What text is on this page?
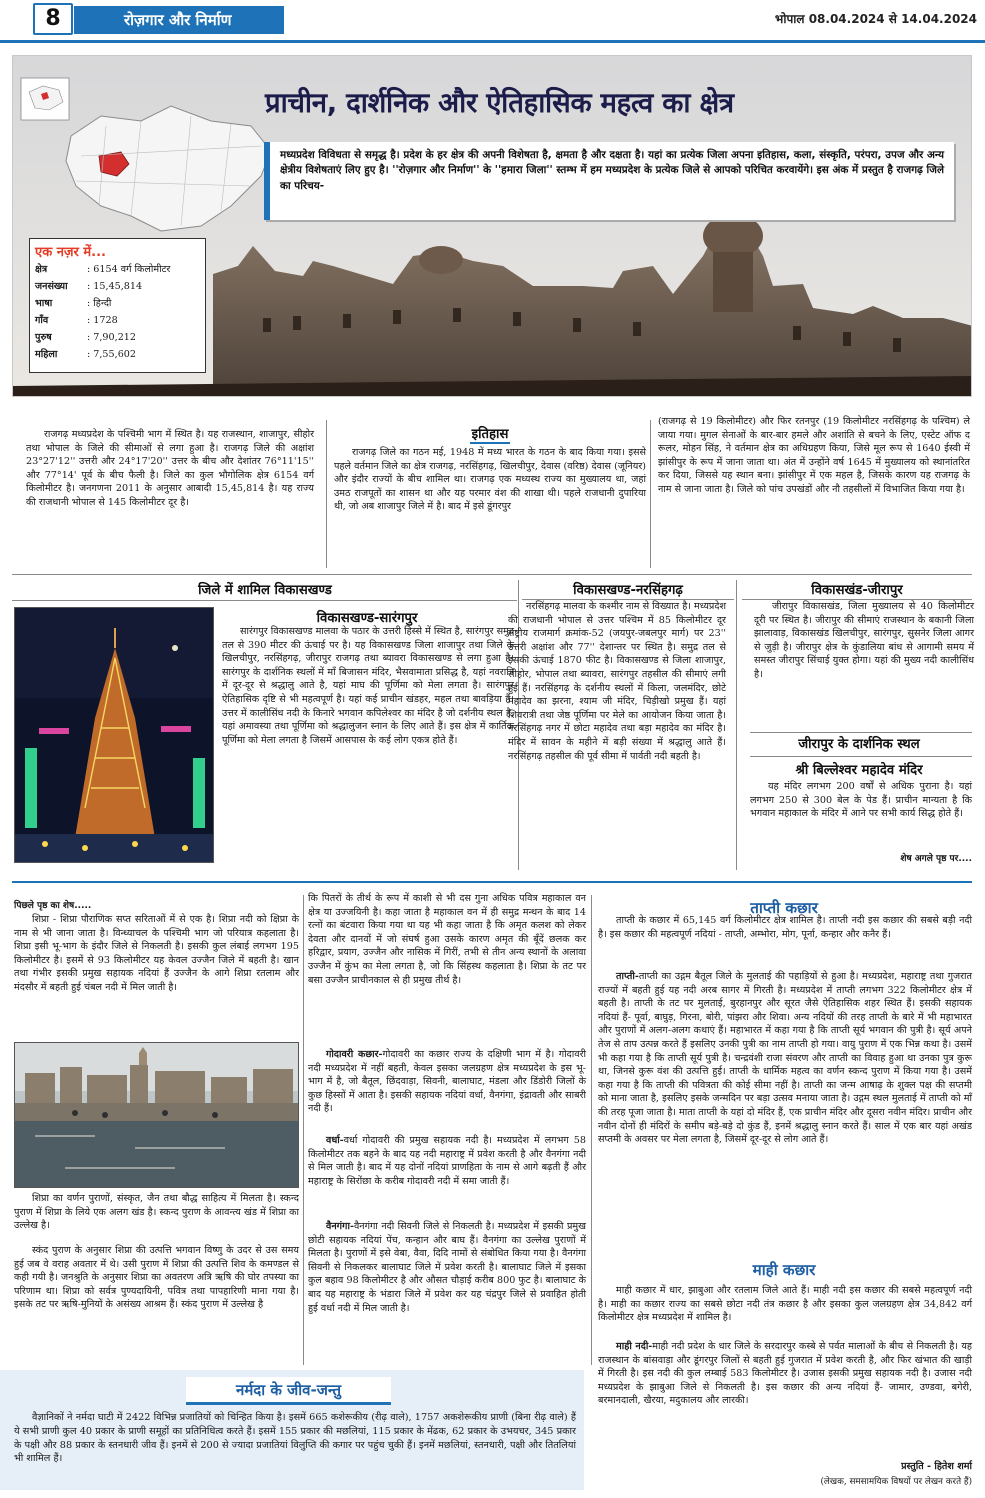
8	रोज़गार और निर्माण	भोपाल 08.04.2024 से 14.04.2024
प्राचीन, दार्शनिक और ऐतिहासिक महत्व का क्षेत्र
मध्यप्रदेश विविधता से समृद्ध है। प्रदेश के हर क्षेत्र की अपनी विशेषता है, क्षमता है और दक्षता है। यहां का प्रत्येक जिला अपना इतिहास, कला, संस्कृति, परंपरा, उपज और अन्य क्षेत्रीय विशेषताएं लिए हुए है। ''रोज़गार और निर्माण'' के ''हमारा जिला'' स्तम्भ में हम मध्यप्रदेश के प्रत्येक जिले से आपको परिचित करवायेंगे। इस अंक में प्रस्तुत है राजगढ़ जिले का परिचय-
एक नज़र में...
क्षेत्र	: 6154 वर्ग किलोमीटर
जनसंख्या	: 15,45,814
भाषा	: हिन्दी
गाँव	: 1728
पुरुष	: 7,90,212
महिला	: 7,55,602

राजगढ़ मध्यप्रदेश के पश्चिमी भाग में स्थित है। यह राजस्थान, शाजापुर, सीहोर तथा भोपाल के जिले की सीमाओं से लगा हुआ है। राजगढ़ जिले की अक्षांश 23°27'12'' उत्तरी और 24°17'20'' उत्तर के बीच और देशांतर 76°11'15'' और 77°14' पूर्व के बीच फैली है। जिले का कुल भौगोलिक क्षेत्र 6154 वर्ग किलोमीटर है। जनगणना 2011 के अनुसार आबादी 15,45,814 है। यह राज्य की राजधानी भोपाल से 145 किलोमीटर दूर है।

इतिहास

राजगढ़ जिले का गठन मई, 1948 में मध्य भारत के गठन के बाद किया गया। इससे पहले वर्तमान जिले का क्षेत्र राजगढ़, नरसिंहगढ़, खिलचीपुर, देवास (वरिष्ठ) देवास (जूनियर) और इंदौर राज्यों के बीच शामिल था। राजगढ़ एक मध्यस्थ राज्य का मुख्यालय था, जहां उमठ राजपूतों का शासन था और यह परमार वंश की शाखा थी। पहले राजधानी दुपारिया थी, जो अब शाजापुर जिले में है। बाद में इसे डूंगरपुर

(राजगढ़ से 19 किलोमीटर) और फिर रतनपुर (19 किलोमीटर नरसिंहगढ़ के पश्चिम) ले जाया गया। मुगल सेनाओं के बार-बार हमले और अशांति से बचने के लिए, एस्टेट ऑफ द रूलर, मोहन सिंह, ने वर्तमान क्षेत्र का अधिग्रहण किया, जिसे मूल रूप से 1640 ईस्वी में झांसीपुर के रूप में जाना जाता था। अंत में उन्होंने वर्ष 1645 में मुख्यालय को स्थानांतरित कर दिया, जिससे यह स्थान बना। झांसीपुर में एक महल है, जिसके कारण यह राजगढ़ के नाम से जाना जाता है। जिले को पांच उपखंडों और नौ तहसीलों में विभाजित किया गया है।

जिले में शामिल विकासखण्ड
विकासखण्ड-सारंगपुर

सारंगपुर विकासखण्ड मालवा के पठार के उत्तरी हिस्से में स्थित है, सारंगपुर समुद्र तल से 390 मीटर की ऊंचाई पर है। यह विकासखण्ड जिला शाजापुर तथा जिले के खिलचीपुर, नरसिंहगढ़, जीरापुर राजगढ़ तथा ब्यावरा विकासखण्ड से लगा हुआ है। सारंगपुर के दार्शनिक स्थलों में माँ बिजासन मंदिर, भैसवामाता प्रसिद्ध है, यहां नवरात्रि में दूर-दूर से श्रद्धालु आते है, यहां माघ की पूर्णिमा को मेला लगता है। सारंगपुर ऐतिहासिक दृष्टि से भी महत्वपूर्ण है। यहां कई प्राचीन खंडहर, महल तथा बावड़िया हैं। उत्तर में कालीसिंध नदी के किनारे भगवान कपिलेश्वर का मंदिर है जो दर्शनीय स्थल है, यहां अमावस्या तथा पूर्णिमा को श्रद्धालुजन स्नान के लिए आते हैं। इस क्षेत्र में कार्तिक पूर्णिमा को मेला लगता है जिसमें आसपास के कई लोग एकत्र होते हैं।

विकासखण्ड-नरसिंहगढ़

नरसिंहगढ़ मालवा के कश्मीर नाम से विख्यात है। मध्यप्रदेश की राजधानी भोपाल से उत्तर पश्चिम में 85 किलोमीटर दूर राष्ट्रीय राजमार्ग क्रमांक-52 (जयपुर-जबलपुर मार्ग) पर 23'' उत्तरी अक्षांश और 77'' देशान्तर पर स्थित है। समुद्र तल से इसकी ऊंचाई 1870 फीट है। विकासखण्ड से जिला शाजापुर, सीहोर, भोपाल तथा ब्यावरा, सारंगपुर तहसील की सीमाएं लगी हुई हैं। नरसिंहगढ़ के दर्शनीय स्थलों में किला, जलमंदिर, छोटे महादेव का झरना, श्याम जी मंदिर, चिड़ीखो प्रमुख हैं। यहां शिवरात्री तथा जेष्ठ पूर्णिमा पर मेले का आयोजन किया जाता है। नरसिंहगढ़ नगर में छोटा महादेव तथा बड़ा महादेव का मंदिर है। मंदिर में सावन के महीने में बड़ी संख्या में श्रद्धालु आते हैं। नरसिंहगढ़ तहसील की पूर्व सीमा में पार्वती नदी बहती है।

विकासखंड-जीरापुर

जीरापुर विकासखंड, जिला मुख्यालय से 40 किलोमीटर दूरी पर स्थित है। जीरापुर की सीमाएं राजस्थान के बकानी जिला झालावाड़, विकासखंड खिलचीपुर, सारंगपुर, सुसनेर जिला आगर से जुड़ी है। जीरापुर क्षेत्र के कुंडालिया बांध से आगामी समय में समस्त जीरापुर सिंचाई युक्त होगा। यहां की मुख्य नदी कालीसिंध है।

जीरापुर के दार्शनिक स्थल
श्री बिल्लेश्वर महादेव मंदिर

यह मंदिर लगभग 200 वर्षों से अधिक पुराना है। यहां लगभग 250 से 300 बेल के पेड हैं। प्राचीन मान्यता है कि भगवान महाकाल के मंदिर में आने पर सभी कार्य सिद्ध होते हैं।

शेष अगले पृष्ठ पर....
पिछले पृष्ठ का शेष.....

शिप्रा - शिप्रा पौराणिक सप्त सरिताओं में से एक है। शिप्रा नदी को क्षिप्रा के नाम से भी जाना जाता है। विन्ध्याचल के पश्चिमी भाग जो परियात्र कहलाता है। शिप्रा इसी भू-भाग के इंदौर जिले से निकलती है। इसकी कुल लंबाई लगभग 195 किलोमीटर है। इसमें से 93 किलोमीटर यह केवल उज्जैन जिले में बहती है। खान तथा गंभीर इसकी प्रमुख सहायक नदियां हैं उज्जैन के आगे शिप्रा रतलाम और मंदसौर में बहती हुई चंबल नदी में मिल जाती है।

शिप्रा का वर्णन पुराणों, संस्कृत, जैन तथा बौद्ध साहित्य में मिलता है। स्कन्द पुराण में शिप्रा के लिये एक अलग खंड है। स्कन्द पुराण के आवन्त्य खंड में शिप्रा का उल्लेख है।

स्कंद पुराण के अनुसार शिप्रा की उत्पत्ति भगवान विष्णु के उदर से उस समय हुई जब वे वराह अवतार में थे। उसी पुराण में शिप्रा की उत्पत्ति शिव के कमण्डल से कही गयी है। जनश्रुति के अनुसार शिप्रा का अवतरण अत्रि ऋषि की घोर तपस्या का परिणाम था। शिप्रा को सर्वत्र पुण्यदायिनी, पवित्र तथा पापहारिणी माना गया है। इसके तट पर ऋषि-मुनियों के असंख्य आश्रम हैं। स्कंद पुराण में उल्लेख है

कि पितरों के तीर्थ के रूप में काशी से भी दस गुना अधिक पवित्र महाकाल वन क्षेत्र या उज्जयिनी है। कहा जाता है महाकाल वन में ही समुद्र मन्थन के बाद 14 रत्नों का बंटवारा किया गया था यह भी कहा जाता है कि अमृत कलश को लेकर देवता और दानवों में जो संघर्ष हुआ उसके कारण अमृत की बूँदें छलक कर हरिद्वार, प्रयाग, उज्जैन और नासिक में गिरीं, तभी से तीन अन्य स्थानों के अलावा उज्जैन में कुंभ का मेला लगता है, जो कि सिंहस्थ कहलाता है। शिप्रा के तट पर बसा उज्जैन प्राचीनकाल से ही प्रमुख तीर्थ है।

गोदावरी कछार-गोदावरी का कछार राज्य के दक्षिणी भाग में है। गोदावरी नदी मध्यप्रदेश में नहीं बहती, केवल इसका जलग्रहण क्षेत्र मध्यप्रदेश के इस भू-भाग में है, जो बैतूल, छिंदवाड़ा, सिवनी, बालाघाट, मंडला और डिंडोरी जिलों के कुछ हिस्सों में आता है। इसकी सहायक नदियां वर्धा, वैनगंगा, इंद्रावती और साबरी नदी हैं।

वर्धा-वर्धा गोदावरी की प्रमुख सहायक नदी है। मध्यप्रदेश में लगभग 58 किलोमीटर तक बहने के बाद यह नदी महाराष्ट्र में प्रवेश करती है और वैनगंगा नदी से मिल जाती है। बाद में यह दोनों नदियां प्राणहिता के नाम से आगे बढ़ती हैं और महाराष्ट्र के सिरोंछा के करीब गोदावरी नदी में समा जाती हैं।

वैनगंगा-वैनगंगा नदी सिवनी जिले से निकलती है। मध्यप्रदेश में इसकी प्रमुख छोटी सहायक नदियां पेंच, कन्हान और बाघ हैं। वैनगंगा का उल्लेख पुराणों में मिलता है। पुराणों में इसे वेबा, वैवा, दिदि नामों से संबोधित किया गया है। वैनगंगा सिवनी से निकलकर बालाघाट जिले में प्रवेश करती है। बालाघाट जिले में इसका कुल बहाव 98 किलोमीटर है और औसत चौड़ाई करीब 800 फुट है। बालाघाट के बाद यह महाराष्ट्र के भंडारा जिले में प्रवेश कर यह चंद्रपुर जिले से प्रवाहित होती हुई वर्धा नदी में मिल जाती है।

ताप्ती कछार

ताप्ती के कछार में 65,145 वर्ग किलोमीटर क्षेत्र शामिल है। ताप्ती नदी इस कछार की सबसे बड़ी नदी है। इस कछार की महत्वपूर्ण नदियां - ताप्ती, अम्भोरा, मोग, पूर्ना, कन्हार और कनैर हैं।

ताप्ती-ताप्ती का उद्गम बैतूल जिले के मुलताई की पहाड़ियों से हुआ है। मध्यप्रदेश, महाराष्ट्र तथा गुजरात राज्यों में बहती हुई यह नदी अरब सागर में गिरती है। मध्यप्रदेश में ताप्ती लगभग 322 किलोमीटर क्षेत्र में बहती है। ताप्ती के तट पर मुलताई, बुरहानपुर और सूरत जैसे ऐतिहासिक शहर स्थित हैं। इसकी सहायक नदियां हैं- पूर्वा, बाघुड़, गिरना, बोरी, पांझरा और शिवा। अन्य नदियों की तरह ताप्ती के बारे में भी महाभारत और पुराणों में अलग-अलग कथाएं हैं। महाभारत में कहा गया है कि ताप्ती सूर्य भगवान की पुत्री है। सूर्य अपने तेज से ताप उत्पन्न करते हैं इसलिए उनकी पुत्री का नाम ताप्ती हो गया। वायु पुराण में एक भिन्न कथा है। उसमें भी कहा गया है कि ताप्ती सूर्य पुत्री है। चन्द्रवंशी राजा संवरण और ताप्ती का विवाह हुआ था उनका पुत्र कुरू था, जिनसे कुरू वंश की उत्पत्ति हुई। ताप्ती के धार्मिक महत्व का वर्णन स्कन्द पुराण में किया गया है। उसमें कहा गया है कि ताप्ती की पवित्रता की कोई सीमा नहीं है। ताप्ती का जन्म आषाढ़ के शुक्ल पक्ष की सप्तमी को माना जाता है, इसलिए इसके जन्मदिन पर बड़ा उत्सव मनाया जाता है। उद्गम स्थल मुलताई में ताप्ती को माँ की तरह पूजा जाता है। माता ताप्ती के यहां दो मंदिर हैं, एक प्राचीन मंदिर और दूसरा नवीन मंदिर। प्राचीन और नवीन दोनों ही मंदिरों के समीप बड़े-बड़े दो कुंड हैं, इनमें श्रद्धालु स्नान करते हैं। साल में एक बार यहां अखंड सप्तमी के अवसर पर मेला लगता है, जिसमें दूर-दूर से लोग आते हैं।

माही कछार

माही कछार में धार, झाबुआ और रतलाम जिले आते हैं। माही नदी इस कछार की सबसे महत्वपूर्ण नदी है। माही का कछार राज्य का सबसे छोटा नदी तंत्र कछार है और इसका कुल जलग्रहण क्षेत्र 34,842 वर्ग किलोमीटर क्षेत्र मध्यप्रदेश में शामिल है।

माही नदी-माही नदी प्रदेश के धार जिले के सरदारपुर कस्बे से पर्वत मालाओं के बीच से निकलती है। यह राजस्थान के बांसवाड़ा और डूंगरपुर जिलों से बहती हुई गुजरात में प्रवेश करती है, और फिर खंभात की खाड़ी में गिरती है। इस नदी की कुल लम्बाई 583 किलोमीटर है। उजास इसकी प्रमुख सहायक नदी है। उजास नदी मध्यप्रदेश के झाबुआ जिले से निकलती है। इस कछार की अन्य नदियां हैं- जामार, उण्डवा, बगेरी, बरमानदाली, खैरया, मदुकालय और लारकी।

प्रस्तुति - हितेश शर्मा
(लेखक, समसामयिक विषयों पर लेखन करते हैं)
नर्मदा के जीव-जन्तु

वैज्ञानिकों ने नर्मदा घाटी में 2422 विभिन्न प्रजातियों को चिन्हित किया है। इसमें 665 कशेरूकीय (रीढ़ वाले), 1757 अकशेरूकीय प्राणी (बिना रीढ़ वाले) हैं ये सभी प्राणी कुल 40 प्रकार के प्राणी समूहों का प्रतिनिधित्व करते हैं। इसमें 155 प्रकार की मछलियां, 115 प्रकार के मेंढक, 62 प्रकार के उभयचर, 345 प्रकार के पक्षी और 88 प्रकार के स्तनधारी जीव हैं। इनमें से 200 से ज्यादा प्रजातियां विलुप्ति की कगार पर पहुंच चुकी हैं। इनमें मछलियां, स्तनधारी, पक्षी और तितलियां भी शामिल हैं।
